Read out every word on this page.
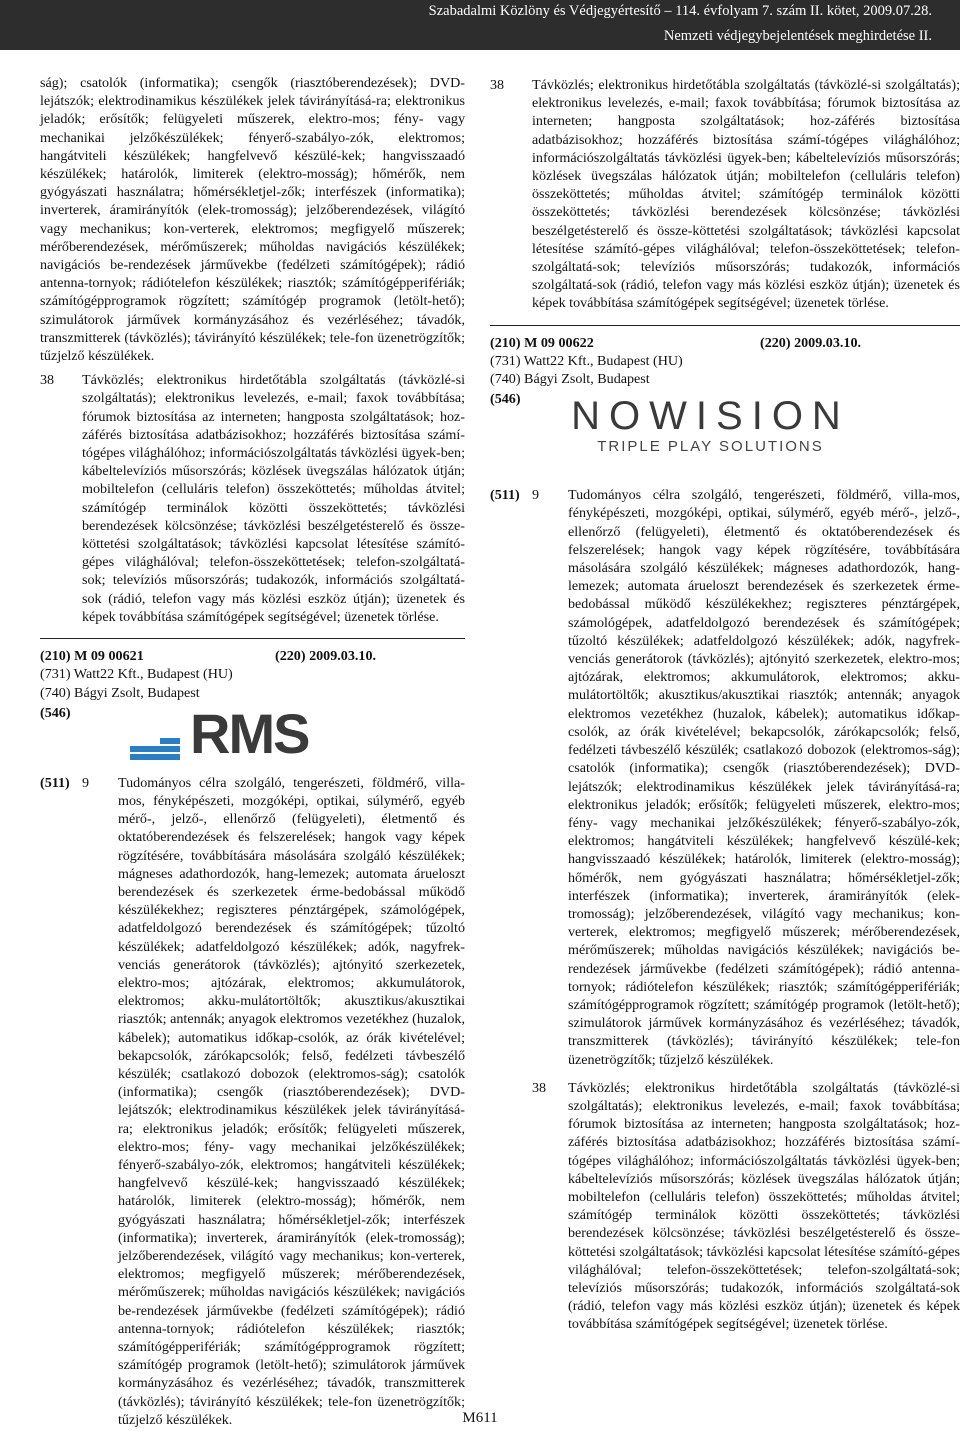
Szabadalmi Közlöny és Védjegyértesítő – 114. évfolyam 7. szám II. kötet, 2009.07.28.
Nemzeti védjegybejelentések meghirdetése II.

ság); csatolók (informatika); csengők (riasztóberendezések); DVD-lejátszók; elektrodinamikus készülékek jelek távirányításá-ra; elektronikus jeladók; erősítők; felügyeleti műszerek, elektro-mos; fény- vagy mechanikai jelzőkészülékek; fényerő-szabályo-zók, elektromos; hangátviteli készülékek; hangfelvevő készülé-kek; hangvisszaadó készülékek; határolók, limiterek (elektro-mosság); hőmérők, nem gyógyászati használatra; hőmérsékletjel-zők; interfészek (informatika); inverterek, áramirányítók (elek-tromosság); jelzőberendezések, világító vagy mechanikus; kon-verterek, elektromos; megfigyelő műszerek; mérőberendezések, mérőműszerek; műholdas navigációs készülékek; navigációs be-rendezések járművekbe (fedélzeti számítógépek); rádió antenna-tornyok; rádiótelefon készülékek; riasztók; számítógépperifériák; számítógépprogramok rögzített; számítógép programok (letölt-hető); szimulátorok járművek kormányzásához és vezérléséhez; távadók, transzmitterek (távközlés); távirányító készülékek; tele-fon üzenetrögzítők; tűzjelző készülékek.

38	Távközlés; elektronikus hirdetőtábla szolgáltatás (távközlé-si szolgáltatás); elektronikus levelezés, e-mail; faxok továbbítása; fórumok biztosítása az interneten; hangposta szolgáltatások; hoz-záférés biztosítása adatbázisokhoz; hozzáférés biztosítása számí-tógépes világhálóhoz; információszolgáltatás távközlési ügyek-ben; kábeltelevíziós műsorszórás; közlések üvegszálas hálózatok útján; mobiltelefon (celluláris telefon) összeköttetés; műholdas átvitel; számítógép terminálok közötti összeköttetés; távközlési berendezések kölcsönzése; távközlési beszélgetésterelő és össze-köttetési szolgáltatások; távközlési kapcsolat létesítése számító-gépes világhálóval; telefon-összeköttetések; telefon-szolgáltatá-sok; televíziós műsorszórás; tudakozók, információs szolgáltatá-sok (rádió, telefon vagy más közlési eszköz útján); üzenetek és képek továbbítása számítógépek segítségével; üzenetek törlése.

(210) M 09 00621	(220) 2009.03.10.
(731) Watt22 Kft., Budapest (HU)
(740) Bágyi Zsolt, Budapest
(546)	RMS
(511) 9	Tudományos célra szolgáló, tengerészeti, földmérő, villa-mos, fényképészeti, mozgóképi, optikai, súlymérő, egyéb mérő-, jelző-, ellenőrző (felügyeleti), életmentő és oktatóberendezések és felszerelések; hangok vagy képek rögzítésére, továbbítására másolására szolgáló készülékek; mágneses adathordozók, hang-lemezek; automata árueloszt berendezések és szerkezetek érme-bedobással működő készülékekhez; regiszteres pénztárgépek, számológépek, adatfeldolgozó berendezések és számítógépek; tűzoltó készülékek; adatfeldolgozó készülékek; adók, nagyfrek-venciás generátorok (távközlés); ajtónyitó szerkezetek, elektro-mos; ajtózárak, elektromos; akkumulátorok, elektromos; akku-mulátortöltők; akusztikus/akusztikai riasztók; antennák; anyagok elektromos vezetékhez (huzalok, kábelek); automatikus időkap-csolók, az órák kivételével; bekapcsolók, zárókapcsolók; felső, fedélzeti távbeszélő készülék; csatlakozó dobozok (elektromos-ság); csatolók (informatika); csengők (riasztóberendezések); DVD-lejátszók; elektrodinamikus készülékek jelek távirányításá-ra; elektronikus jeladók; erősítők; felügyeleti műszerek, elektro-mos; fény- vagy mechanikai jelzőkészülékek; fényerő-szabályo-zók, elektromos; hangátviteli készülékek; hangfelvevő készülé-kek; hangvisszaadó készülékek; határolók, limiterek (elektro-mosság); hőmérők, nem gyógyászati használatra; hőmérsékletjel-zők; interfészek (informatika); inverterek, áramirányítók (elek-tromosság); jelzőberendezések, világító vagy mechanikus; kon-verterek, elektromos; megfigyelő műszerek; mérőberendezések, mérőműszerek; műholdas navigációs készülékek; navigációs be-rendezések járművekbe (fedélzeti számítógépek); rádió antenna-tornyok; rádiótelefon készülékek; riasztók; számítógépperifériák; számítógépprogramok rögzített; számítógép programok (letölt-hető); szimulátorok járművek kormányzásához és vezérléséhez; távadók, transzmitterek (távközlés); távirányító készülékek; tele-fon üzenetrögzítők; tűzjelző készülékek.

38	Távközlés; elektronikus hirdetőtábla szolgáltatás (távközlé-si szolgáltatás); elektronikus levelezés, e-mail; faxok továbbítása; fórumok biztosítása az interneten; hangposta szolgáltatások; hoz-záférés biztosítása adatbázisokhoz; hozzáférés biztosítása számí-tógépes világhálóhoz; információszolgáltatás távközlési ügyek-ben; kábeltelevíziós műsorszórás; közlések üvegszálas hálózatok útján; mobiltelefon (celluláris telefon) összeköttetés; műholdas átvitel; számítógép terminálok közötti összeköttetés; távközlési berendezések kölcsönzése; távközlési beszélgetésterelő és össze-köttetési szolgáltatások; távközlési kapcsolat létesítése számító-gépes világhálóval; telefon-összeköttetések; telefon-szolgáltatá-sok; televíziós műsorszórás; tudakozók, információs szolgáltatá-sok (rádió, telefon vagy más közlési eszköz útján); üzenetek és képek továbbítása számítógépek segítségével; üzenetek törlése.

(210) M 09 00622	(220) 2009.03.10.
(731) Watt22 Kft., Budapest (HU)
(740) Bágyi Zsolt, Budapest
(546)	NOWISION
TRIPLE PLAY SOLUTIONS
(511) 9	Tudományos célra szolgáló, tengerészeti, földmérő, villa-mos, fényképészeti, mozgóképi, optikai, súlymérő, egyéb mérő-, jelző-, ellenőrző (felügyeleti), életmentő és oktatóberendezések és felszerelések; hangok vagy képek rögzítésére, továbbítására másolására szolgáló készülékek; mágneses adathordozók, hang-lemezek; automata árueloszt berendezések és szerkezetek érme-bedobással működő készülékekhez; regiszteres pénztárgépek, számológépek, adatfeldolgozó berendezések és számítógépek; tűzoltó készülékek; adatfeldolgozó készülékek; adók, nagyfrek-venciás generátorok (távközlés); ajtónyitó szerkezetek, elektro-mos; ajtózárak, elektromos; akkumulátorok, elektromos; akku-mulátortöltők; akusztikus/akusztikai riasztók; antennák; anyagok elektromos vezetékhez (huzalok, kábelek); automatikus időkap-csolók, az órák kivételével; bekapcsolók, zárókapcsolók; felső, fedélzeti távbeszélő készülék; csatlakozó dobozok (elektromos-ság); csatolók (informatika); csengők (riasztóberendezések); DVD-lejátszók; elektrodinamikus készülékek jelek távirányításá-ra; elektronikus jeladók; erősítők; felügyeleti műszerek, elektro-mos; fény- vagy mechanikai jelzőkészülékek; fényerő-szabályo-zók, elektromos; hangátviteli készülékek; hangfelvevő készülé-kek; hangvisszaadó készülékek; határolók, limiterek (elektro-mosság); hőmérők, nem gyógyászati használatra; hőmérsékletjel-zők; interfészek (informatika); inverterek, áramirányítók (elek-tromosság); jelzőberendezések, világító vagy mechanikus; kon-verterek, elektromos; megfigyelő műszerek; mérőberendezések, mérőműszerek; műholdas navigációs készülékek; navigációs be-rendezések járművekbe (fedélzeti számítógépek); rádió antenna-tornyok; rádiótelefon készülékek; riasztók; számítógépperifériák; számítógépprogramok rögzített; számítógép programok (letölt-hető); szimulátorok járművek kormányzásához és vezérléséhez; távadók, transzmitterek (távközlés); távirányító készülékek; tele-fon üzenetrögzítők; tűzjelző készülékek.

38	Távközlés; elektronikus hirdetőtábla szolgáltatás (távközlé-si szolgáltatás); elektronikus levelezés, e-mail; faxok továbbítása; fórumok biztosítása az interneten; hangposta szolgáltatások; hoz-záférés biztosítása adatbázisokhoz; hozzáférés biztosítása számí-tógépes világhálóhoz; információszolgáltatás távközlési ügyek-ben; kábeltelevíziós műsorszórás; közlések üvegszálas hálózatok útján; mobiltelefon (celluláris telefon) összeköttetés; műholdas átvitel; számítógép terminálok közötti összeköttetés; távközlési berendezések kölcsönzése; távközlési beszélgetésterelő és össze-köttetési szolgáltatások; távközlési kapcsolat létesítése számító-gépes világhálóval; telefon-összeköttetések; telefon-szolgáltatá-sok; televíziós műsorszórás; tudakozók, információs szolgáltatá-sok (rádió, telefon vagy más közlési eszköz útján); üzenetek és képek továbbítása számítógépek segítségével; üzenetek törlése.

M611
